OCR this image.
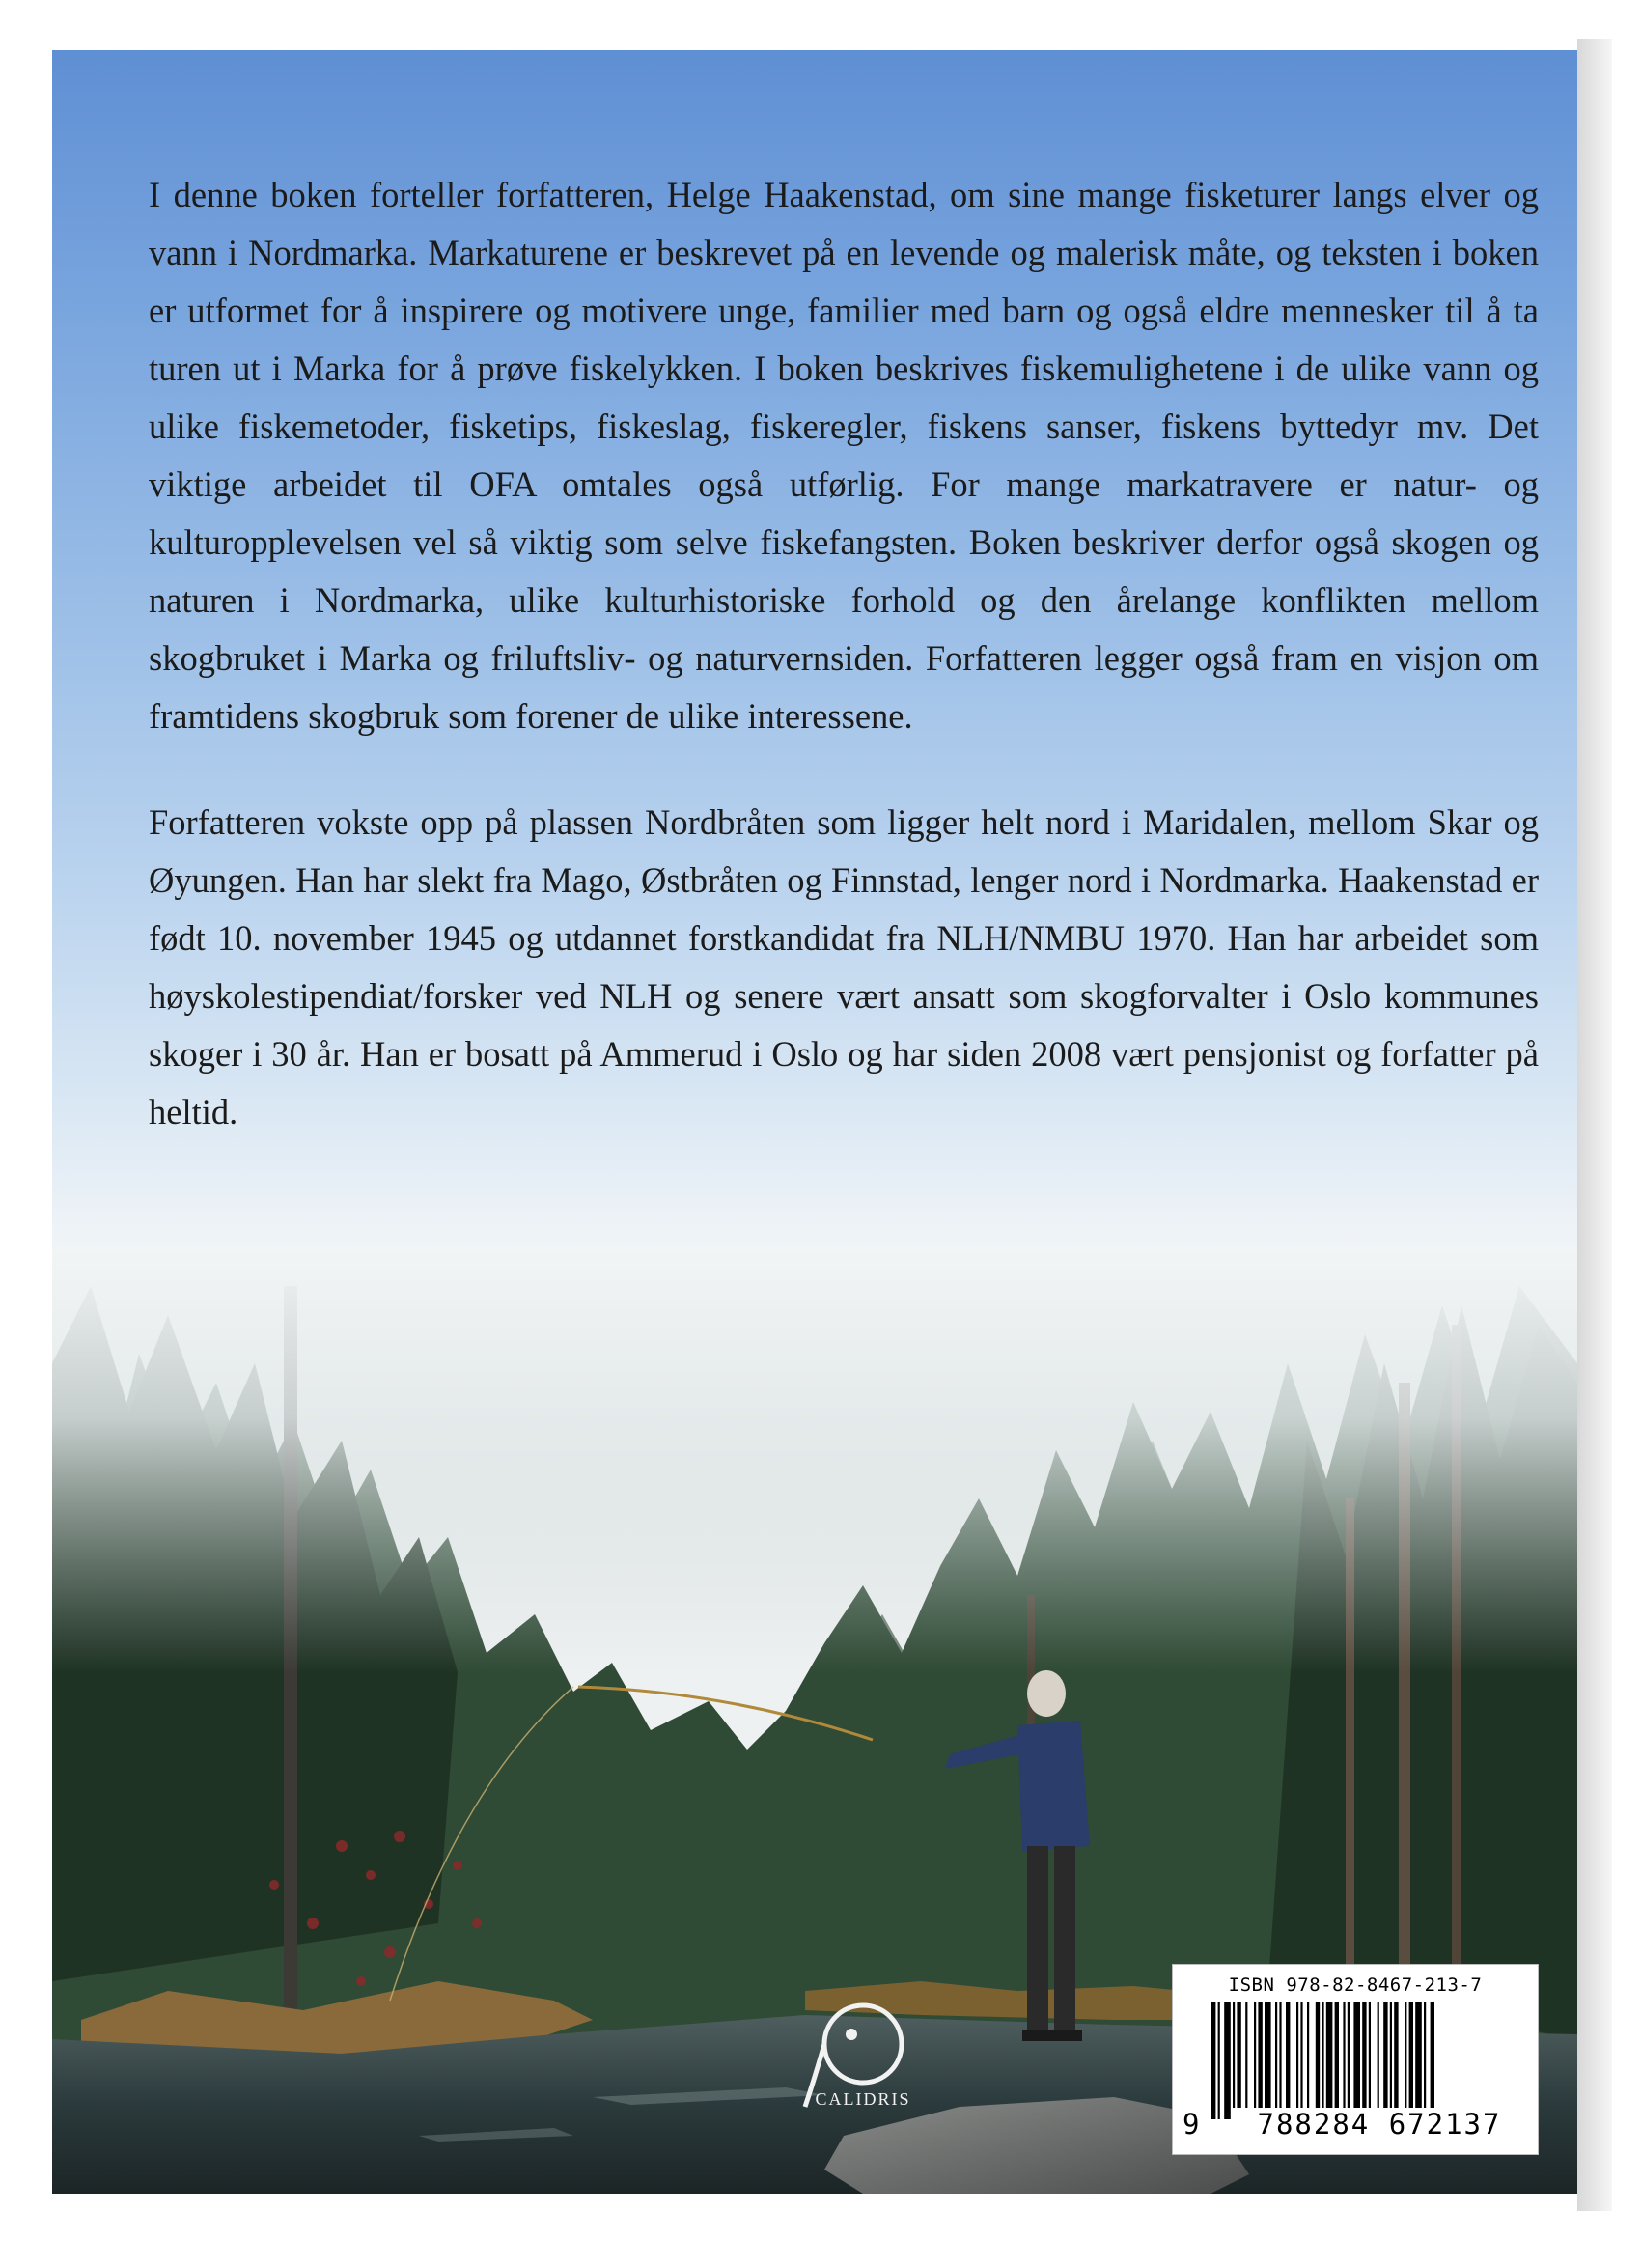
I denne boken forteller forfatteren, Helge Haakenstad, om sine mange fisketurer langs elver og vann i Nordmarka. Markaturene er beskrevet på en levende og malerisk måte, og teksten i boken er utformet for å inspirere og motivere unge, familier med barn og også eldre mennesker til å ta turen ut i Marka for å prøve fiskelykken. I boken beskrives fiskemulighetene i de ulike vann og ulike fiskemetoder, fisketips, fiskeslag, fiskeregler, fiskens sanser, fiskens byttedyr mv. Det viktige arbeidet til OFA omtales også utførlig. For mange markatravere er natur- og kulturopplevelsen vel så viktig som selve fiskefangsten. Boken beskriver derfor også skogen og naturen i Nordmarka, ulike kulturhistoriske forhold og den årelange konflikten mellom skogbruket i Marka og friluftsliv- og naturvernsiden. Forfatteren legger også fram en visjon om framtidens skogbruk som forener de ulike interessene.

Forfatteren vokste opp på plassen Nordbråten som ligger helt nord i Maridalen, mellom Skar og Øyungen. Han har slekt fra Mago, Østbråten og Finnstad, lenger nord i Nordmarka. Haakenstad er født 10. november 1945 og utdannet forstkandidat fra NLH/NMBU 1970. Han har arbeidet som høyskolestipendiat/forsker ved NLH og senere vært ansatt som skogforvalter i Oslo kommunes skoger i 30 år. Han er bosatt på Ammerud i Oslo og har siden 2008 vært pensjonist og forfatter på heltid.

CALIDRIS
ISBN 978-82-8467-213-7
9	788284 672137
